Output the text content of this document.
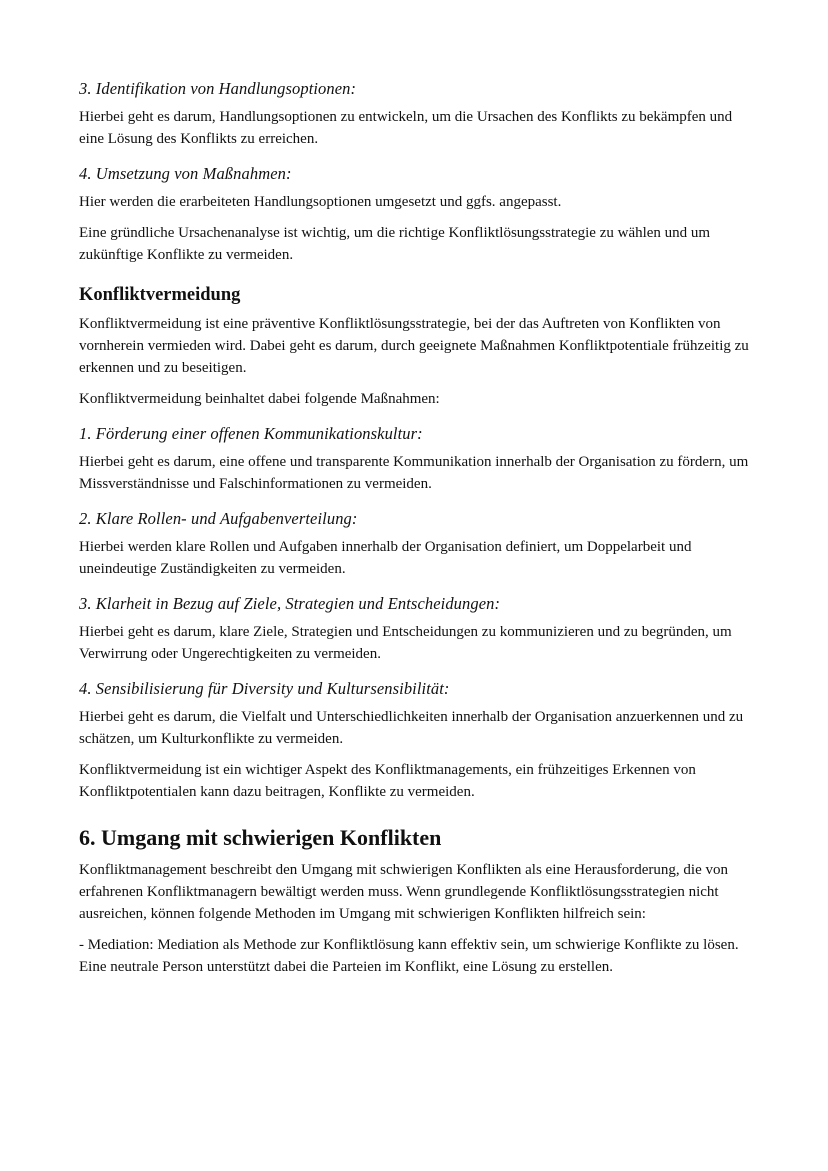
3. Identifikation von Handlungsoptionen:
Hierbei geht es darum, Handlungsoptionen zu entwickeln, um die Ursachen des Konflikts zu bekämpfen und eine Lösung des Konflikts zu erreichen.
4. Umsetzung von Maßnahmen:
Hier werden die erarbeiteten Handlungsoptionen umgesetzt und ggfs. angepasst.
Eine gründliche Ursachenanalyse ist wichtig, um die richtige Konfliktlösungsstrategie zu wählen und um zukünftige Konflikte zu vermeiden.
Konfliktvermeidung
Konfliktvermeidung ist eine präventive Konfliktlösungsstrategie, bei der das Auftreten von Konflikten von vornherein vermieden wird. Dabei geht es darum, durch geeignete Maßnahmen Konfliktpotentiale frühzeitig zu erkennen und zu beseitigen.
Konfliktvermeidung beinhaltet dabei folgende Maßnahmen:
1. Förderung einer offenen Kommunikationskultur:
Hierbei geht es darum, eine offene und transparente Kommunikation innerhalb der Organisation zu fördern, um Missverständnisse und Falschinformationen zu vermeiden.
2. Klare Rollen- und Aufgabenverteilung:
Hierbei werden klare Rollen und Aufgaben innerhalb der Organisation definiert, um Doppelarbeit und uneindeutige Zuständigkeiten zu vermeiden.
3. Klarheit in Bezug auf Ziele, Strategien und Entscheidungen:
Hierbei geht es darum, klare Ziele, Strategien und Entscheidungen zu kommunizieren und zu begründen, um Verwirrung oder Ungerechtigkeiten zu vermeiden.
4. Sensibilisierung für Diversity und Kultursensibilität:
Hierbei geht es darum, die Vielfalt und Unterschiedlichkeiten innerhalb der Organisation anzuerkennen und zu schätzen, um Kulturkonflikte zu vermeiden.
Konfliktvermeidung ist ein wichtiger Aspekt des Konfliktmanagements, ein frühzeitiges Erkennen von Konfliktpotentialen kann dazu beitragen, Konflikte zu vermeiden.
6. Umgang mit schwierigen Konflikten
Konfliktmanagement beschreibt den Umgang mit schwierigen Konflikten als eine Herausforderung, die von erfahrenen Konfliktmanagern bewältigt werden muss. Wenn grundlegende Konfliktlösungsstrategien nicht ausreichen, können folgende Methoden im Umgang mit schwierigen Konflikten hilfreich sein:
- Mediation: Mediation als Methode zur Konfliktlösung kann effektiv sein, um schwierige Konflikte zu lösen. Eine neutrale Person unterstützt dabei die Parteien im Konflikt, eine Lösung zu erstellen.
